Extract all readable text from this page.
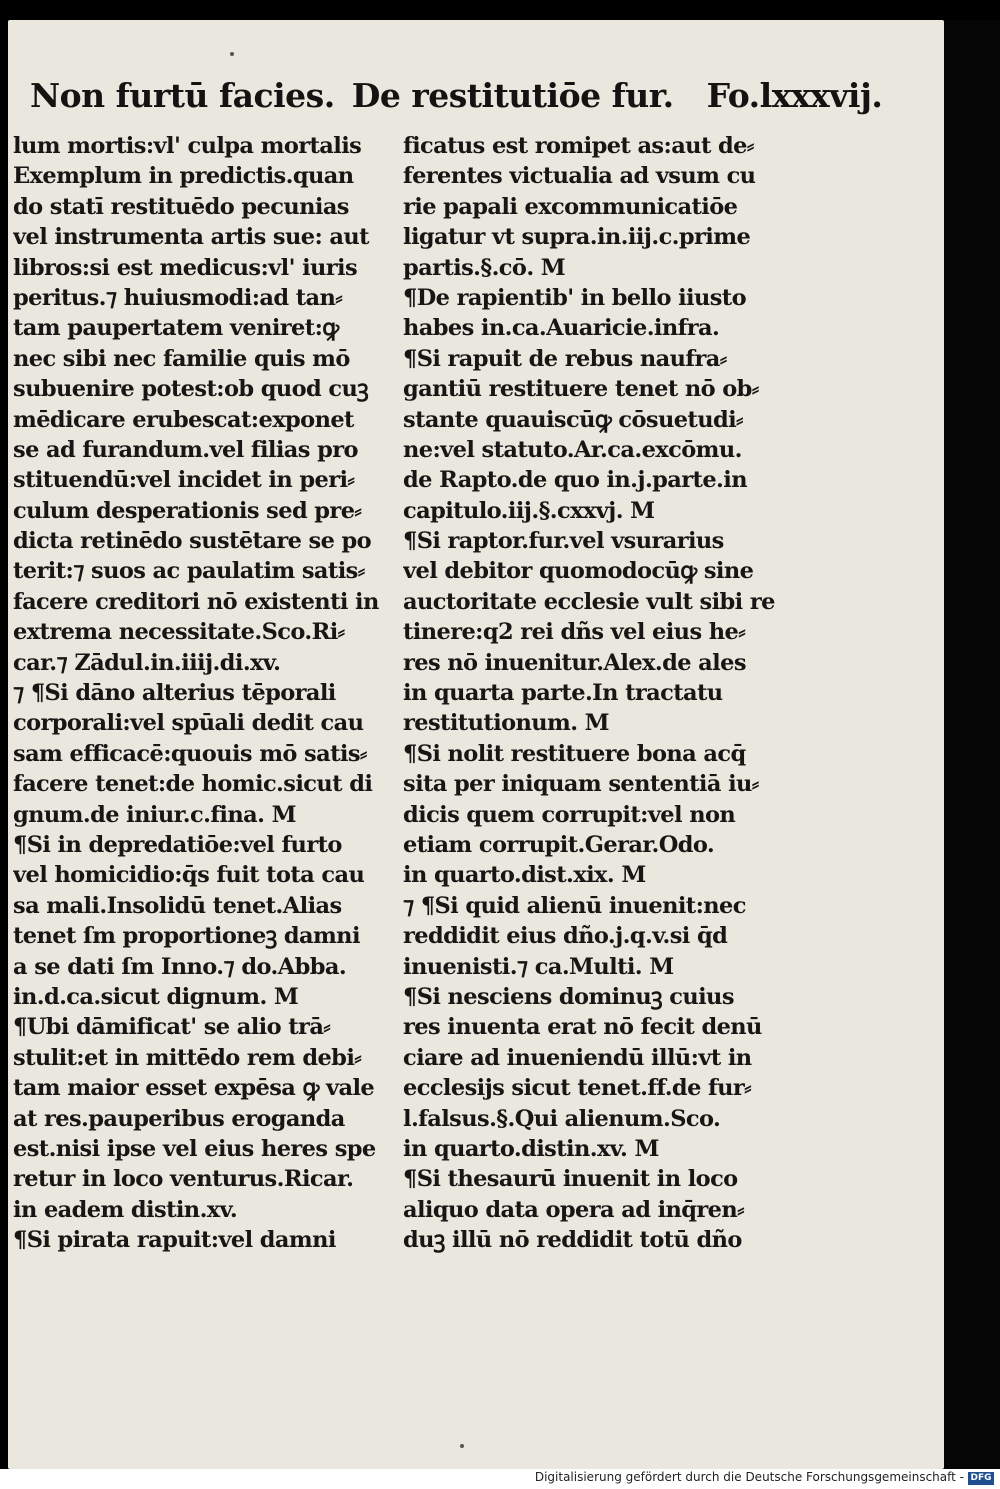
Non furtū facies. De restitutiōe fur. Fo.lxxxvij.
lum mortis:vl' culpa mortalis
Exemplum in predictis.quan
do statī restituēdo pecunias
vel instrumenta artis sue: aut
libros:si est medicus:vl' iuris
peritus.⁊ huiusmodi:ad tan⸗
tam paupertatem veniret:ꝙ
nec sibi nec familie quis mō
subuenire potest:ob quod cuꝫ
mēdicare erubescat:exponet
se ad furandum.vel filias pro
stituendū:vel incidet in peri⸗
culum desperationis sed pre⸗
dicta retinēdo sustētare se po
terit:⁊ suos ac paulatim satis⸗
facere creditori nō existenti in
extrema necessitate.Sco.Ri⸗
car.⁊ Zādul.in.iiij.di.xv.
⁊ ¶Si dāno alterius tēporali
corporali:vel spūali dedit cau
sam efficacē:quouis mō satis⸗
facere tenet:de homic.sicut di
gnum.de iniur.c.fina. M
¶Si in depredatiōe:vel furto
vel homicidio:q̄s fuit tota cau
sa mali.Insolidū tenet.Alias
tenet ſm proportioneꝫ damni
a se dati ſm Inno.⁊ do.Abba.
in.d.ca.sicut dignum. M
¶Ubi dāmificat' se alio trā⸗
stulit:et in mittēdo rem debi⸗
tam maior esset expēsa ꝙ vale
at res.pauperibus eroganda
est.nisi ipse vel eius heres spe
retur in loco venturus.Ricar.
in eadem distin.xv.
¶Si pirata rapuit:vel damni
ficatus est romipet as:aut de⸗
ferentes victualia ad vsum cu
rie papali excommunicatiōe
ligatur vt supra.in.iij.c.prime
partis.§.cō. M
¶De rapientib' in bello iiusto
habes in.ca.Auaricie.infra.
¶Si rapuit de rebus naufra⸗
gantiū restituere tenet nō ob⸗
stante quauiscūꝙ cōsuetudi⸗
ne:vel statuto.Ar.ca.excōmu.
de Rapto.de quo in.j.parte.in
capitulo.iij.§.cxxvj. M
¶Si raptor.fur.vel vsurarius
vel debitor quomodocūꝙ sine
auctoritate ecclesie vult sibi re
tinere:q2 rei dñs vel eius he⸗
res nō inuenitur.Alex.de ales
in quarta parte.In tractatu
restitutionum. M
¶Si nolit restituere bona acq̄
sita per iniquam sententiā iu⸗
dicis quem corrupit:vel non
etiam corrupit.Gerar.Odo.
in quarto.dist.xix. M
⁊ ¶Si quid alienū inuenit:nec
reddidit eius dño.j.q.v.si q̄d
inuenisti.⁊ ca.Multi. M
¶Si nesciens dominuꝫ cuius
res inuenta erat nō fecit denū
ciare ad inueniendū illū:vt in
ecclesijs sicut tenet.ff.de fur⸗
l.falsus.§.Qui alienum.Sco.
in quarto.distin.xv. M
¶Si thesaurū inuenit in loco
aliquo data opera ad inq̄ren⸗
duꝫ illū nō reddidit totū dño
Digitalisierung gefördert durch die Deutsche Forschungsgemeinschaft - DFG
